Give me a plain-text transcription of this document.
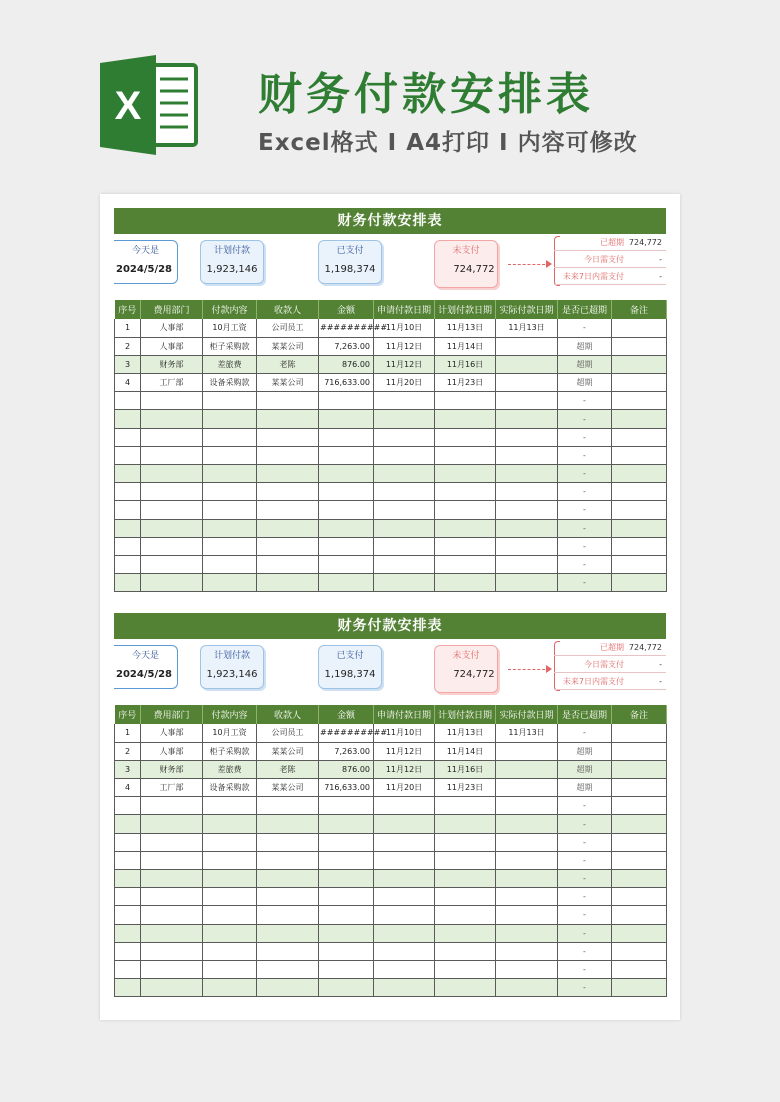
X	财务付款安排表
Excel格式 I A4打印 I 内容可修改
财务付款安排表
今天是
2024/5/28
计划付款
1,923,146
已支付
1,198,374
未支付
724,772
已超期 724,772
今日需支付	-
未来7日内需支付	-
序号	费用部门	付款内容	收款人	金额	申请付款日期	计划付款日期	实际付款日期	是否已超期	备注
1	人事部	10月工资	公司员工	##########	11月10日	11月13日	11月13日	-	
2	人事部	柜子采购款	某某公司	7,263.00	11月12日	11月14日		超期	
3	财务部	差旅费	老陈	876.00	11月12日	11月16日		超期	
4	工厂部	设备采购款	某某公司	716,633.00	11月20日	11月23日		超期	
								-	
								-	
								-	
								-	
								-	
								-	
								-	
								-	
								-	
								-	
								-	
财务付款安排表
今天是
2024/5/28
计划付款
1,923,146
已支付
1,198,374
未支付
724,772
已超期 724,772
今日需支付	-
未来7日内需支付	-
序号	费用部门	付款内容	收款人	金额	申请付款日期	计划付款日期	实际付款日期	是否已超期	备注
1	人事部	10月工资	公司员工	##########	11月10日	11月13日	11月13日	-	
2	人事部	柜子采购款	某某公司	7,263.00	11月12日	11月14日		超期	
3	财务部	差旅费	老陈	876.00	11月12日	11月16日		超期	
4	工厂部	设备采购款	某某公司	716,633.00	11月20日	11月23日		超期	
								-	
								-	
								-	
								-	
								-	
								-	
								-	
								-	
								-	
								-	
								-	
